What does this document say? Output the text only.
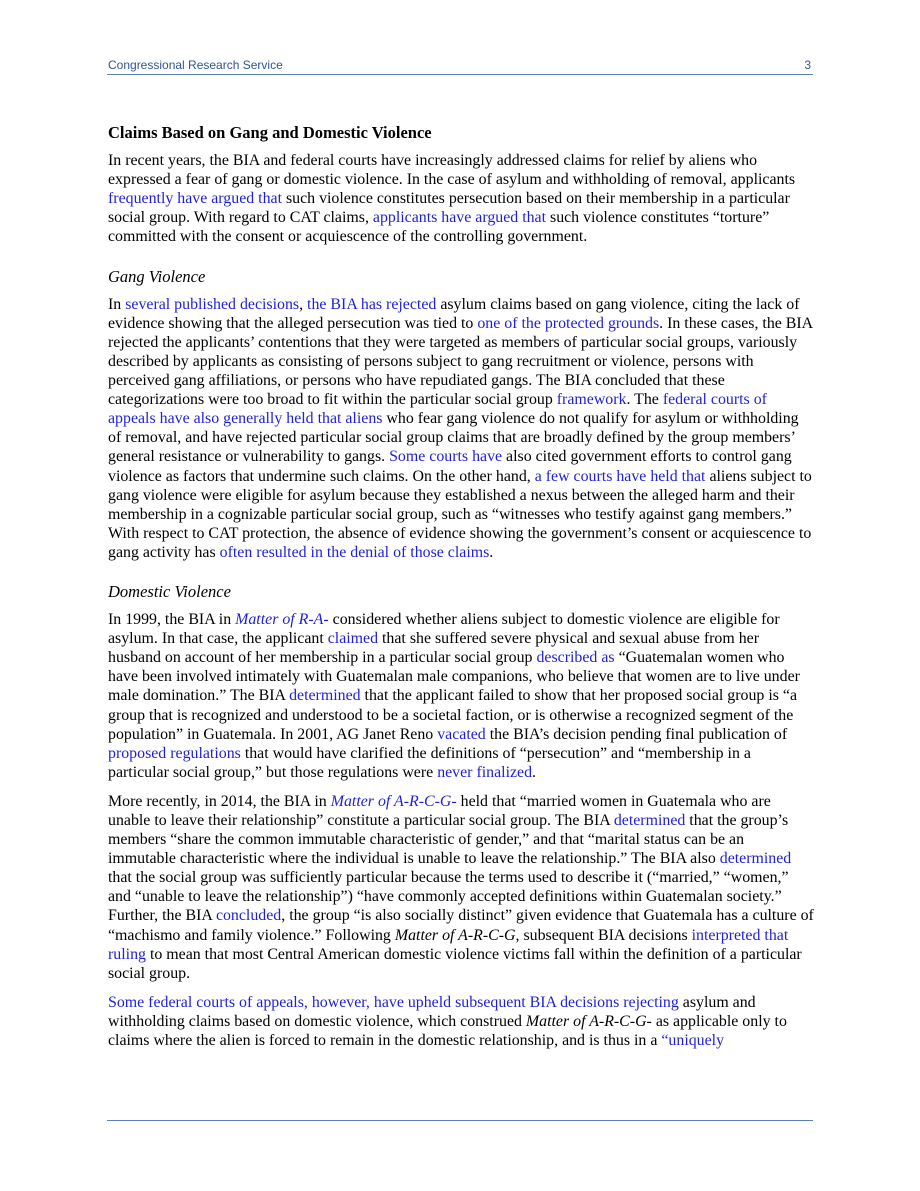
Congressional Research Service	3
Claims Based on Gang and Domestic Violence

In recent years, the BIA and federal courts have increasingly addressed claims for relief by aliens who expressed a fear of gang or domestic violence. In the case of asylum and withholding of removal, applicants frequently have argued that such violence constitutes persecution based on their membership in a particular social group. With regard to CAT claims, applicants have argued that such violence constitutes “torture” committed with the consent or acquiescence of the controlling government.

Gang Violence

In several published decisions, the BIA has rejected asylum claims based on gang violence, citing the lack of evidence showing that the alleged persecution was tied to one of the protected grounds. In these cases, the BIA rejected the applicants’ contentions that they were targeted as members of particular social groups, variously described by applicants as consisting of persons subject to gang recruitment or violence, persons with perceived gang affiliations, or persons who have repudiated gangs. The BIA concluded that these categorizations were too broad to fit within the particular social group framework. The federal courts of appeals have also generally held that aliens who fear gang violence do not qualify for asylum or withholding of removal, and have rejected particular social group claims that are broadly defined by the group members’ general resistance or vulnerability to gangs. Some courts have also cited government efforts to control gang violence as factors that undermine such claims. On the other hand, a few courts have held that aliens subject to gang violence were eligible for asylum because they established a nexus between the alleged harm and their membership in a cognizable particular social group, such as “witnesses who testify against gang members.” With respect to CAT protection, the absence of evidence showing the government’s consent or acquiescence to gang activity has often resulted in the denial of those claims.

Domestic Violence

In 1999, the BIA in Matter of R-A- considered whether aliens subject to domestic violence are eligible for asylum. In that case, the applicant claimed that she suffered severe physical and sexual abuse from her husband on account of her membership in a particular social group described as “Guatemalan women who have been involved intimately with Guatemalan male companions, who believe that women are to live under male domination.” The BIA determined that the applicant failed to show that her proposed social group is “a group that is recognized and understood to be a societal faction, or is otherwise a recognized segment of the population” in Guatemala. In 2001, AG Janet Reno vacated the BIA’s decision pending final publication of proposed regulations that would have clarified the definitions of “persecution” and “membership in a particular social group,” but those regulations were never finalized.

More recently, in 2014, the BIA in Matter of A-R-C-G- held that “married women in Guatemala who are unable to leave their relationship” constitute a particular social group. The BIA determined that the group’s members “share the common immutable characteristic of gender,” and that “marital status can be an immutable characteristic where the individual is unable to leave the relationship.” The BIA also determined that the social group was sufficiently particular because the terms used to describe it (“married,” “women,” and “unable to leave the relationship”) “have commonly accepted definitions within Guatemalan society.” Further, the BIA concluded, the group “is also socially distinct” given evidence that Guatemala has a culture of “machismo and family violence.” Following Matter of A-R-C-G, subsequent BIA decisions interpreted that ruling to mean that most Central American domestic violence victims fall within the definition of a particular social group.

Some federal courts of appeals, however, have upheld subsequent BIA decisions rejecting asylum and withholding claims based on domestic violence, which construed Matter of A-R-C-G- as applicable only to claims where the alien is forced to remain in the domestic relationship, and is thus in a “uniquely
